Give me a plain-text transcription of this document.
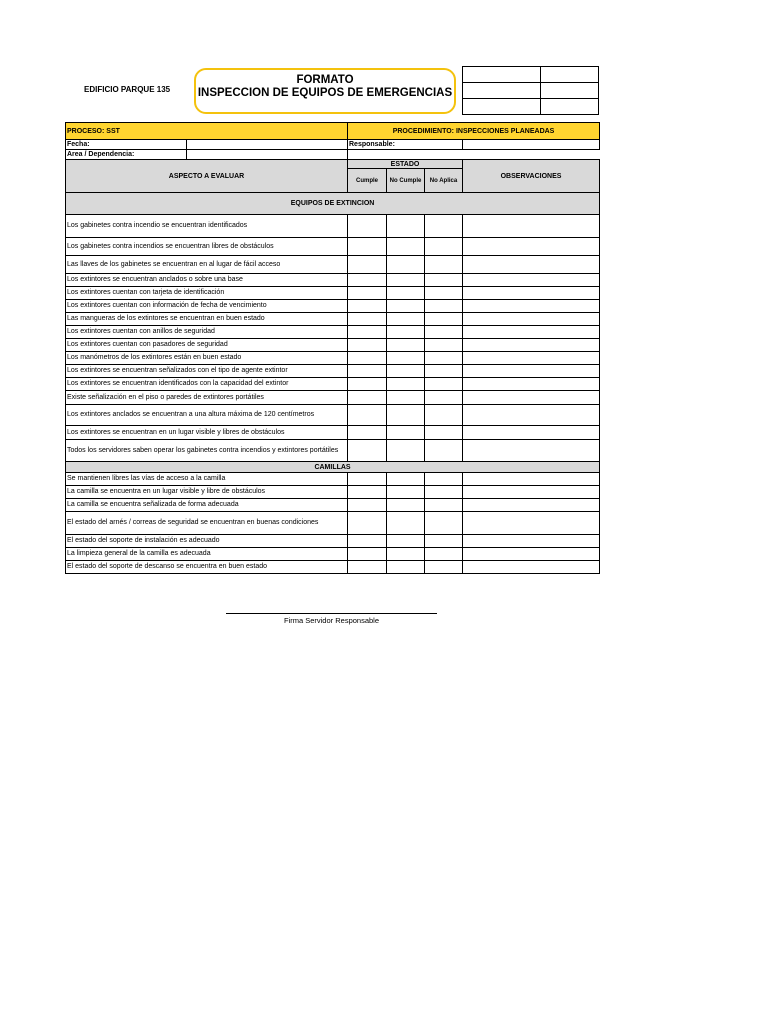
EDIFICIO PARQUE 135
FORMATO
INSPECCION DE EQUIPOS DE EMERGENCIAS

PROCESO: SST		PROCEDIMIENTO: INSPECCIONES PLANEADAS			
Fecha:		Responsable:			
Area / Dependencia:					
ASPECTO A EVALUAR		ESTADO			OBSERVACIONES
		Cumple	No Cumple	No Aplica	
EQUIPOS DE EXTINCION					
Los gabinetes contra incendio se encuentran identificados					
Los gabinetes contra incendios se encuentran libres de obstáculos					
Las llaves de los gabinetes se encuentran en al lugar de fácil acceso					
Los extintores se encuentran anclados o sobre una base					
Los extintores cuentan con tarjeta de identificación					
Los extintores cuentan con información de fecha de vencimiento					
Las mangueras de los extintores se encuentran en buen estado					
Los extintores cuentan con anillos de seguridad					
Los extintores cuentan con pasadores de seguridad					
Los manómetros de los extintores están en buen estado					
Los extintores se encuentran señalizados con el tipo de agente extintor					
Los extintores se encuentran identificados con la capacidad del extintor					
Existe señalización en el piso o paredes de extintores portátiles					
Los extintores anclados se encuentran a una altura máxima de 120 centímetros					
Los extintores se encuentran en un lugar visible y libres de obstáculos					
Todos los servidores saben operar los gabinetes contra incendios y extintores portátiles					
CAMILLAS					
Se mantienen libres las vías de acceso a la camilla					
La camilla se encuentra en un lugar visible y libre de obstáculos					
La camilla se encuentra señalizada de forma adecuada					
El estado del arnés / correas de seguridad se encuentran en buenas condiciones					
El estado del soporte de instalación es adecuado					
La limpieza general de la camilla es adecuada					
El estado del soporte de descanso se encuentra en buen estado					
Firma Servidor Responsable
